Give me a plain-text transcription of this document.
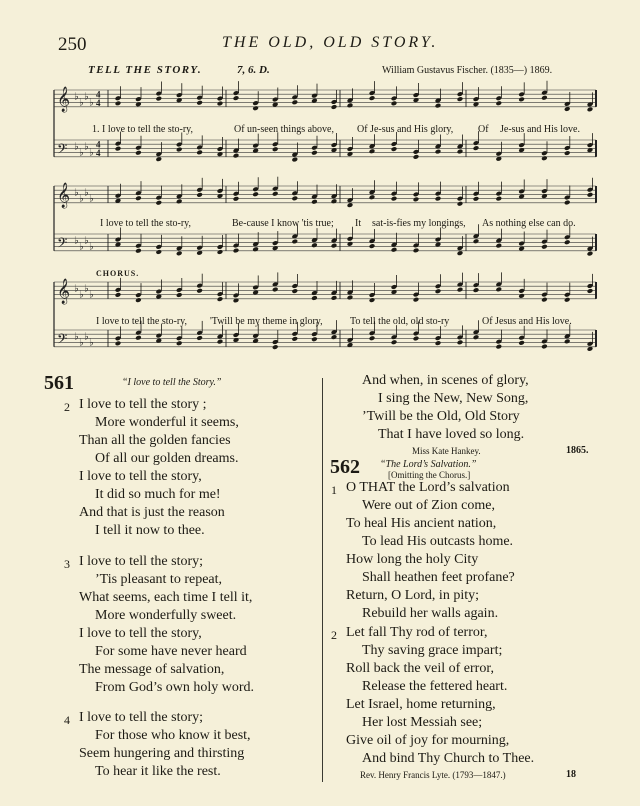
250	THE OLD, OLD STORY.
TELL THE STORY.	7, 6. D.	William Gustavus Fischer. (1835—) 1869.
𝄞 ♭
♭
♭
♭
4
4
𝄢 ♭
♭
♭
♭
4
4
𝄞 ♭
♭
♭
♭
𝄢 ♭
♭
♭
♭
𝄞 ♭
♭
♭
♭
𝄢 ♭
♭
♭
♭
1. I love to tell the sto-ry,	Of un-seen things above, Of Je-sus and His glory, Of Je-sus and His love.
I love to tell the sto-ry,	Be-cause I know 'tis true; It sat-is-fies my longings, As nothing else can do.
CHORUS.
I love to tell the sto-ry, 'Twill be my theme in glory,	To tell the old, old sto-ry	Of Jesus and His love.
561	“I love to tell the Story.”
2 I love to tell the story ;
More wonderful it seems,
Than all the golden fancies
Of all our golden dreams.
I love to tell the story,
It did so much for me!
And that is just the reason
I tell it now to thee.
3 I love to tell the story;
’Tis pleasant to repeat,
What seems, each time I tell it,
More wonderfully sweet.
I love to tell the story,
For some have never heard
The message of salvation,
From God’s own holy word.
4 I love to tell the story;
For those who know it best,
Seem hungering and thirsting
To hear it like the rest.
And when, in scenes of glory,
I sing the New, New Song,
’Twill be the Old, Old Story
That I have loved so long.
Miss Kate Hankey.	1865.
562 “The Lord’s Salvation.”
[Omitting the Chorus.]
1 O THAT the Lord’s salvation
Were out of Zion come,
To heal His ancient nation,
To lead His outcasts home.
How long the holy City
Shall heathen feet profane?
Return, O Lord, in pity;
Rebuild her walls again.
2 Let fall Thy rod of terror,
Thy saving grace impart;
Roll back the veil of error,
Release the fettered heart.
Let Israel, home returning,
Her lost Messiah see;
Give oil of joy for mourning,
And bind Thy Church to Thee.
Rev. Henry Francis Lyte. (1793—1847.)	18
